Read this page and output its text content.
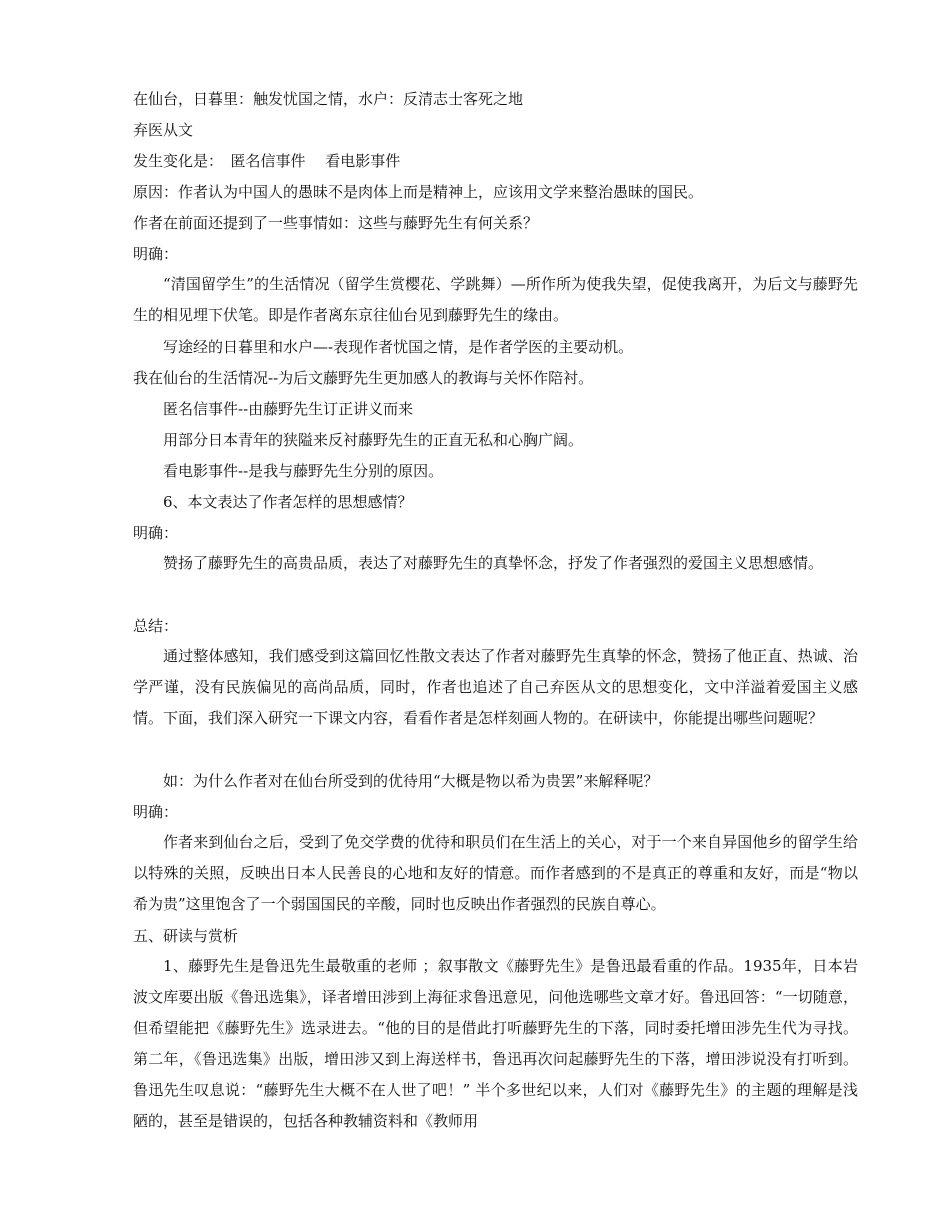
在仙台，日暮里：触发忧国之情，水户：反清志士客死之地
弃医从文
发生变化是：　匿名信事件　 看电影事件
原因：作者认为中国人的愚昧不是肉体上而是精神上，应该用文学来整治愚昧的国民。
作者在前面还提到了一些事情如：这些与藤野先生有何关系？
明确：
“清国留学生”的生活情况（留学生赏樱花、学跳舞）—所作所为使我失望，促使我离开，为后文与藤野先生的相见埋下伏笔。即是作者离东京往仙台见到藤野先生的缘由。
写途经的日暮里和水户—-表现作者忧国之情，是作者学医的主要动机。
我在仙台的生活情况--为后文藤野先生更加感人的教诲与关怀作陪衬。
匿名信事件--由藤野先生订正讲义而来
用部分日本青年的狭隘来反衬藤野先生的正直无私和心胸广阔。
看电影事件--是我与藤野先生分别的原因。
6、本文表达了作者怎样的思想感情？
明确：
赞扬了藤野先生的高贵品质，表达了对藤野先生的真挚怀念，抒发了作者强烈的爱国主义思想感情。
总结：
通过整体感知，我们感受到这篇回忆性散文表达了作者对藤野先生真挚的怀念，赞扬了他正直、热诚、治学严谨，没有民族偏见的高尚品质，同时，作者也追述了自己弃医从文的思想变化，文中洋溢着爱国主义感情。下面，我们深入研究一下课文内容，看看作者是怎样刻画人物的。在研读中，你能提出哪些问题呢？
如：为什么作者对在仙台所受到的优待用“大概是物以希为贵罢”来解释呢？
明确：
作者来到仙台之后，受到了免交学费的优待和职员们在生活上的关心，对于一个来自异国他乡的留学生给以特殊的关照，反映出日本人民善良的心地和友好的情意。而作者感到的不是真正的尊重和友好，而是“物以希为贵”这里饱含了一个弱国国民的辛酸，同时也反映出作者强烈的民族自尊心。
五、研读与赏析
1、藤野先生是鲁迅先生最敬重的老师 ；叙事散文《藤野先生》是鲁迅最看重的作品。1935年，日本岩波文库要出版《鲁迅选集》，译者增田涉到上海征求鲁迅意见，问他选哪些文章才好。鲁迅回答：“一切随意，但希望能把《藤野先生》选录进去。“他的目的是借此打听藤野先生的下落，同时委托增田涉先生代为寻找。第二年，《鲁迅选集》出版，增田涉又到上海送样书，鲁迅再次问起藤野先生的下落，增田涉说没有打听到。鲁迅先生叹息说：“藤野先生大概不在人世了吧！” 半个多世纪以来，人们对《藤野先生》的主题的理解是浅陋的，甚至是错误的，包括各种教辅资料和《教师用
